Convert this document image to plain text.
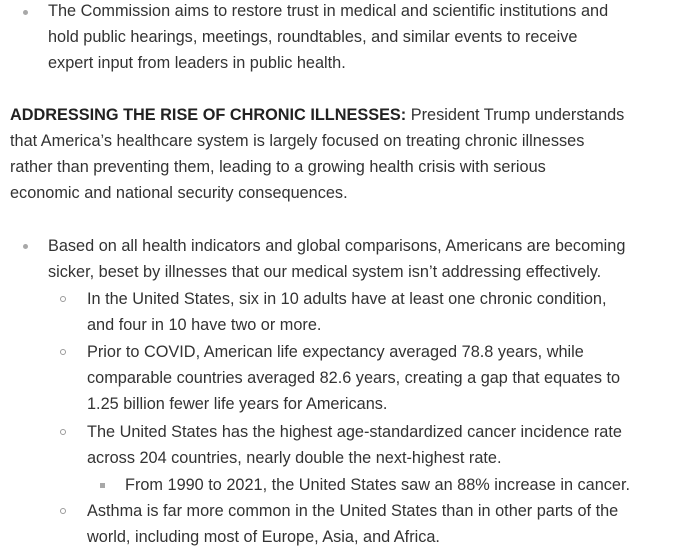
The Commission aims to restore trust in medical and scientific institutions and
hold public hearings, meetings, roundtables, and similar events to receive
expert input from leaders in public health.
ADDRESSING THE RISE OF CHRONIC ILLNESSES: President Trump understands
that America’s healthcare system is largely focused on treating chronic illnesses
rather than preventing them, leading to a growing health crisis with serious
economic and national security consequences.
Based on all health indicators and global comparisons, Americans are becoming
sicker, beset by illnesses that our medical system isn’t addressing effectively.
In the United States, six in 10 adults have at least one chronic condition,
and four in 10 have two or more.
Prior to COVID, American life expectancy averaged 78.8 years, while
comparable countries averaged 82.6 years, creating a gap that equates to
1.25 billion fewer life years for Americans.
The United States has the highest age-standardized cancer incidence rate
across 204 countries, nearly double the next-highest rate.
From 1990 to 2021, the United States saw an 88% increase in cancer.
Asthma is far more common in the United States than in other parts of the
world, including most of Europe, Asia, and Africa.
